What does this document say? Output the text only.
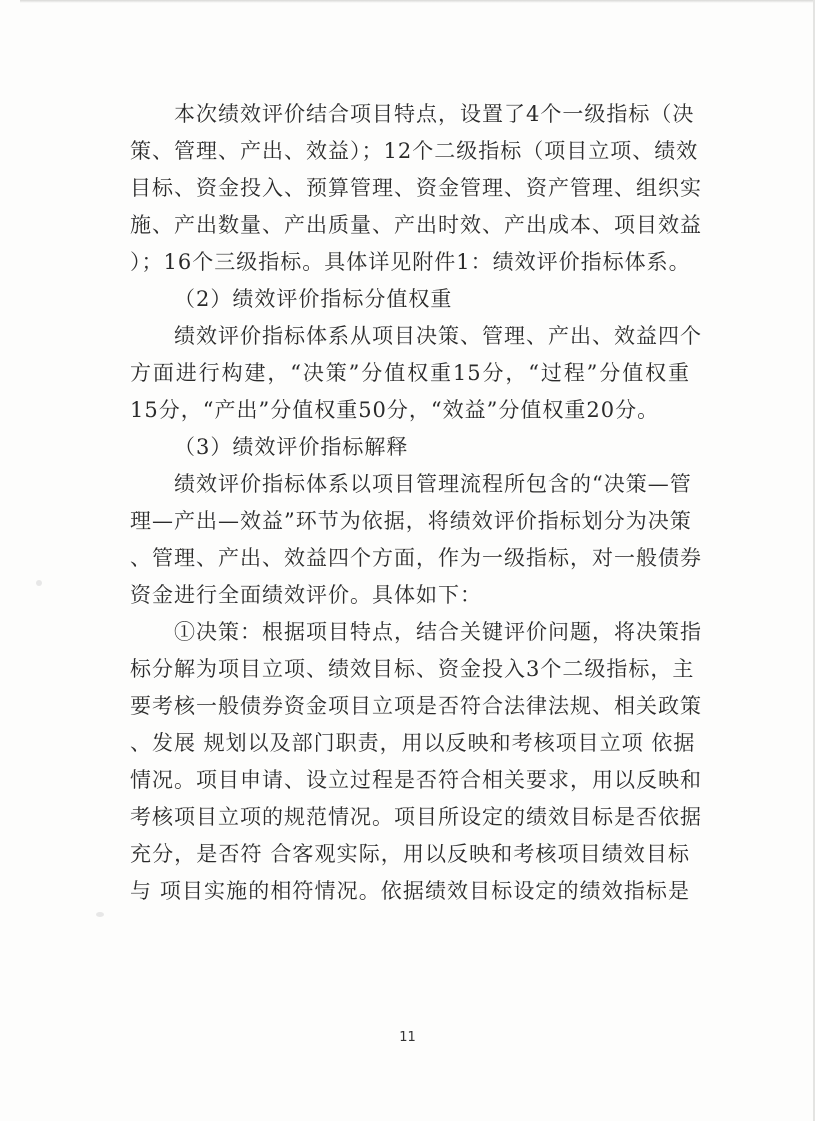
本次绩效评价结合项目特点，设置了4个一级指标（决
策、管理、产出、效益）；12个二级指标（项目立项、绩效
目标、资金投入、预算管理、资金管理、资产管理、组织实
施、产出数量、产出质量、产出时效、产出成本、项目效益
）；16个三级指标。具体详见附件1：绩效评价指标体系。
（2）绩效评价指标分值权重
绩效评价指标体系从项目决策、管理、产出、效益四个
方面进行构建，“决策”分值权重15分，“过程”分值权重
15分，“产出”分值权重50分，“效益”分值权重20分。
（3）绩效评价指标解释
绩效评价指标体系以项目管理流程所包含的“决策—管
理—产出—效益”环节为依据，将绩效评价指标划分为决策
、管理、产出、效益四个方面，作为一级指标，对一般债券
资金进行全面绩效评价。具体如下：
①决策：根据项目特点，结合关键评价问题，将决策指
标分解为项目立项、绩效目标、资金投入3个二级指标，主
要考核一般债券资金项目立项是否符合法律法规、相关政策
、发展 规划以及部门职责，用以反映和考核项目立项 依据
情况。项目申请、设立过程是否符合相关要求，用以反映和
考核项目立项的规范情况。项目所设定的绩效目标是否依据
充分，是否符 合客观实际，用以反映和考核项目绩效目标
与 项目实施的相符情况。依据绩效目标设定的绩效指标是
11
